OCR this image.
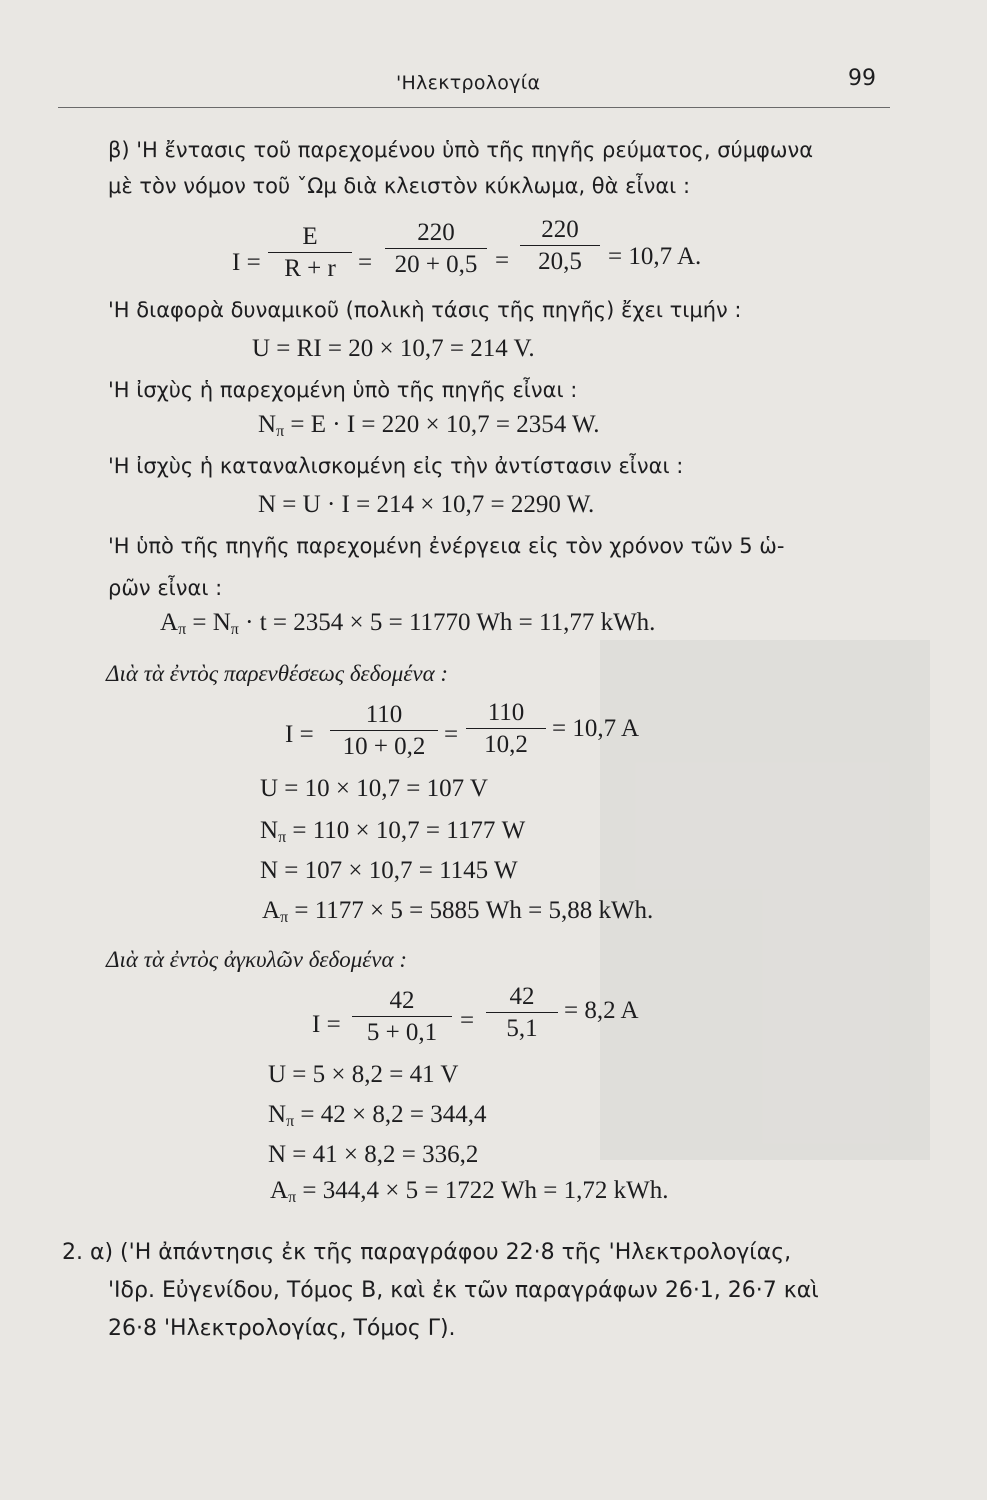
'Ηλεκτρολογία	99
β) 'Η ἔντασις τοῦ παρεχομένου ὑπὸ τῆς πηγῆς ρεύματος, σύμφωνα
μὲ τὸν νόμον τοῦ ˇΩμ διὰ κλειστὸν κύκλωμα, θὰ εἶναι :
I =
E
R + r =
220
20 + 0,5 =
220
20,5	= 10,7 A.
'Η διαφορὰ δυναμικοῦ (πολικὴ τάσις τῆς πηγῆς) ἔχει τιμήν :
U = RI = 20 × 10,7 = 214 V.
'Η ἰσχὺς ἡ παρεχομένη ὑπὸ τῆς πηγῆς εἶναι :
$N_\pi = E \cdot I = 220 \times 10,7 = 2354$ W.
'Η ἰσχὺς ἡ καταναλισκομένη εἰς τὴν ἀντίστασιν εἶναι :
N = U · I = 214 × 10,7 = 2290 W.
'Η ὑπὸ τῆς πηγῆς παρεχομένη ἐνέργεια εἰς τὸν χρόνον τῶν 5 ὡ-
ρῶν εἶναι :
$A_\pi = N_\pi \cdot t = 2354 \times 5 = 11770$ Wh = 11,77 kWh.
Διὰ τὰ ἐντὸς παρενθέσεως δεδομένα :
I =
110
10 + 0,2 =
110
10,2
= 10,7 A
U = 10 × 10,7 = 107 V
$N_\pi = 110 \times 10,7 = 1177$ W
N = 107 × 10,7 = 1145 W
$A_\pi = 1177 \times 5 = 5885$ Wh = 5,88 kWh.
Διὰ τὰ ἐντὸς ἀγκυλῶν δεδομένα :
I =
42
5 + 0,1 =
42
5,1
= 8,2 A
U = 5 × 8,2 = 41 V
$N_\pi = 42 \times 8,2 = 344,4$
N = 41 × 8,2 = 336,2
$A_\pi = 344,4 \times 5 = 1722$ Wh = 1,72 kWh.
2. α) ('Η ἀπάντησις ἐκ τῆς παραγράφου 22·8 τῆς 'Ηλεκτρολογίας,
'Ιδρ. Εὐγενίδου, Τόμος Β, καὶ ἐκ τῶν παραγράφων 26·1, 26·7 καὶ
26·8 'Ηλεκτρολογίας, Τόμος Γ).
